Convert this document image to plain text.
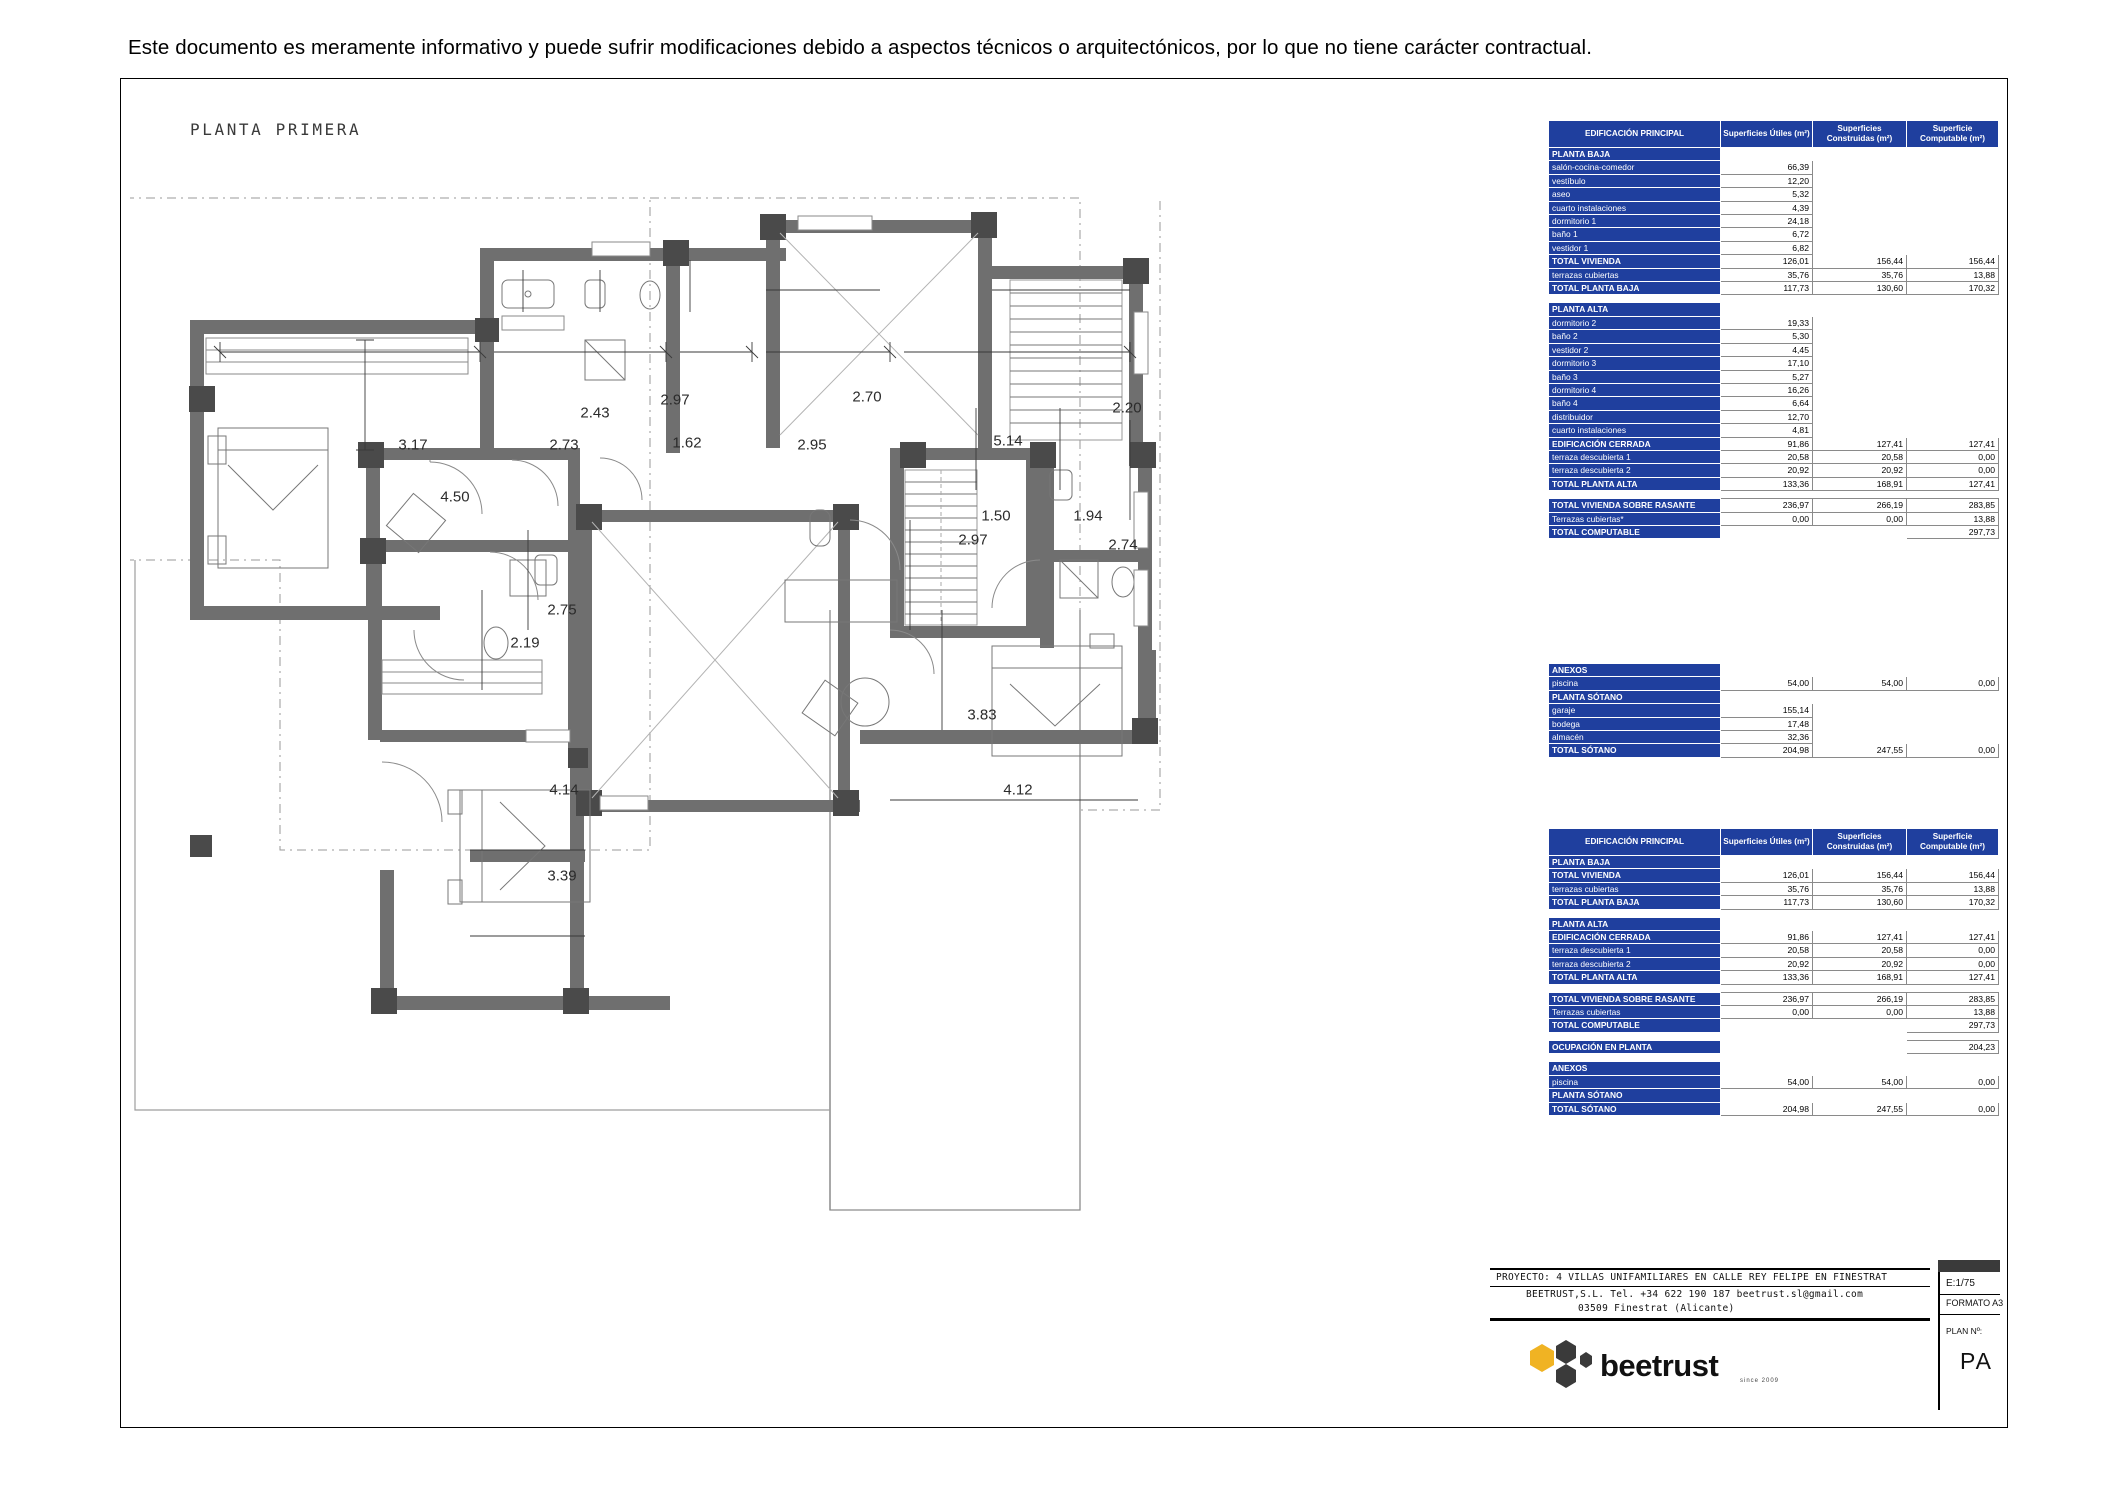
Este documento es meramente informativo y puede sufrir modificaciones debido a aspectos técnicos o arquitectónicos, por lo que no tiene carácter contractual.
PLANTA PRIMERA
2.97
2.43
2.70
2.20
3.17	2.73	1.62	2.95	5.14
4.50
1.50	1.94
2.97	2.74
2.75
2.19
3.83
4.14	4.12
3.39
EDIFICACIÓN PRINCIPAL	Superficies Útiles (m²)	Superficies Construidas (m²)	Superficie Computable (m²)
PLANTA BAJA			
salón-cocina-comedor	66,39		
vestíbulo	12,20		
aseo	5,32		
cuarto instalaciones	4,39		
dormitorio 1	24,18		
baño 1	6,72		
vestidor 1	6,82		
TOTAL VIVIENDA	126,01	156,44	156,44
terrazas cubiertas	35,76	35,76	13,88
TOTAL PLANTA BAJA	117,73	130,60	170,32

PLANTA ALTA			
dormitorio 2	19,33		
baño 2	5,30		
vestidor 2	4,45		
dormitorio 3	17,10		
baño 3	5,27		
dormitorio 4	16,26		
baño 4	6,64		
distribuidor	12,70		
cuarto instalaciones	4,81		
EDIFICACIÓN CERRADA	91,86	127,41	127,41
terraza descubierta 1	20,58	20,58	0,00
terraza descubierta 2	20,92	20,92	0,00
TOTAL PLANTA ALTA	133,36	168,91	127,41

TOTAL VIVIENDA SOBRE RASANTE	236,97	266,19	283,85
Terrazas cubiertas*	0,00	0,00	13,88
TOTAL COMPUTABLE			297,73
ANEXOS			
piscina	54,00	54,00	0,00
PLANTA SÓTANO			
garaje	155,14		
bodega	17,48		
almacén	32,36		
TOTAL SÓTANO	204,98	247,55	0,00
EDIFICACIÓN PRINCIPAL	Superficies Útiles (m²)	Superficies Construidas (m²)	Superficie Computable (m²)
PLANTA BAJA			
TOTAL VIVIENDA	126,01	156,44	156,44
terrazas cubiertas	35,76	35,76	13,88
TOTAL PLANTA BAJA	117,73	130,60	170,32

PLANTA ALTA			
EDIFICACIÓN CERRADA	91,86	127,41	127,41
terraza descubierta 1	20,58	20,58	0,00
terraza descubierta 2	20,92	20,92	0,00
TOTAL PLANTA ALTA	133,36	168,91	127,41

TOTAL VIVIENDA SOBRE RASANTE	236,97	266,19	283,85
Terrazas cubiertas	0,00	0,00	13,88
TOTAL COMPUTABLE			297,73

OCUPACIÓN EN PLANTA			204,23

ANEXOS			
piscina	54,00	54,00	0,00
PLANTA SÓTANO			
TOTAL SÓTANO	204,98	247,55	0,00
PROYECTO: 4 VILLAS UNIFAMILIARES EN CALLE REY FELIPE EN FINESTRAT
BEETRUST,S.L. Tel. +34 622 190 187 beetrust.sl@gmail.com
03509 Finestrat (Alicante)
E:1/75
FORMATO A3
PLAN Nº:
PA
beetrust	since 2009
